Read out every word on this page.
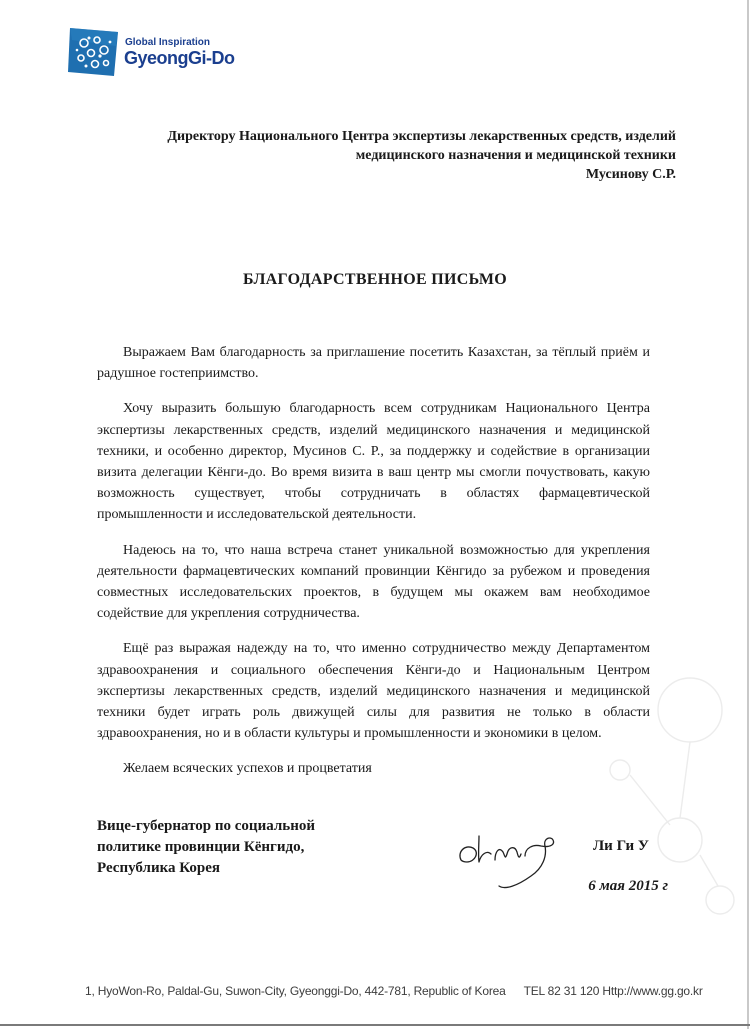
Global Inspiration
GyeongGi-Do
Директору Национального Центра экспертизы лекарственных средств, изделий
медицинского назначения и медицинской техники
Мусинову С.Р.
БЛАГОДАРСТВЕННОЕ ПИСЬМО

Выражаем Вам благодарность за приглашение посетить Казахстан, за тёплый приём и радушное гостеприимство.

Хочу выразить большую благодарность всем сотрудникам Национального Центра экспертизы лекарственных средств, изделий медицинского назначения и медицинской техники, и особенно директор, Мусинов С. Р., за поддержку и содействие в организации визита делегации Кёнги-до. Во время визита в ваш центр мы смогли почуствовать, какую возможность существует, чтобы сотрудничать в областях фармацевтической промышленности и исследовательской деятельности.

Надеюсь на то, что наша встреча станет уникальной возможностью для укрепления деятельности фармацевтических компаний провинции Кёнгидо за рубежом и проведения совместных исследовательских проектов, в будущем мы окажем вам необходимое содействие для укрепления сотрудничества.

Ещё раз выражая надежду на то, что именно сотрудничество между Департаментом здравоохранения и социального обеспечения Кёнги-до и Национальным Центром экспертизы лекарственных средств, изделий медицинского назначения и медицинской техники будет играть роль движущей силы для развития не только в области здравоохранения, но и в области культуры и промышленности и экономики в целом.

Желаем всяческих успехов и процветатия

Вице-губернатор по социальной
политике провинции Кёнгидо,
Республика Корея
Ли Ги У
6 мая 2015 г
1, HyoWon-Ro, Paldal-Gu, Suwon-City, Gyeonggi-Do, 442-781, Republic of Korea TEL 82 31 120 Http://www.gg.go.kr
